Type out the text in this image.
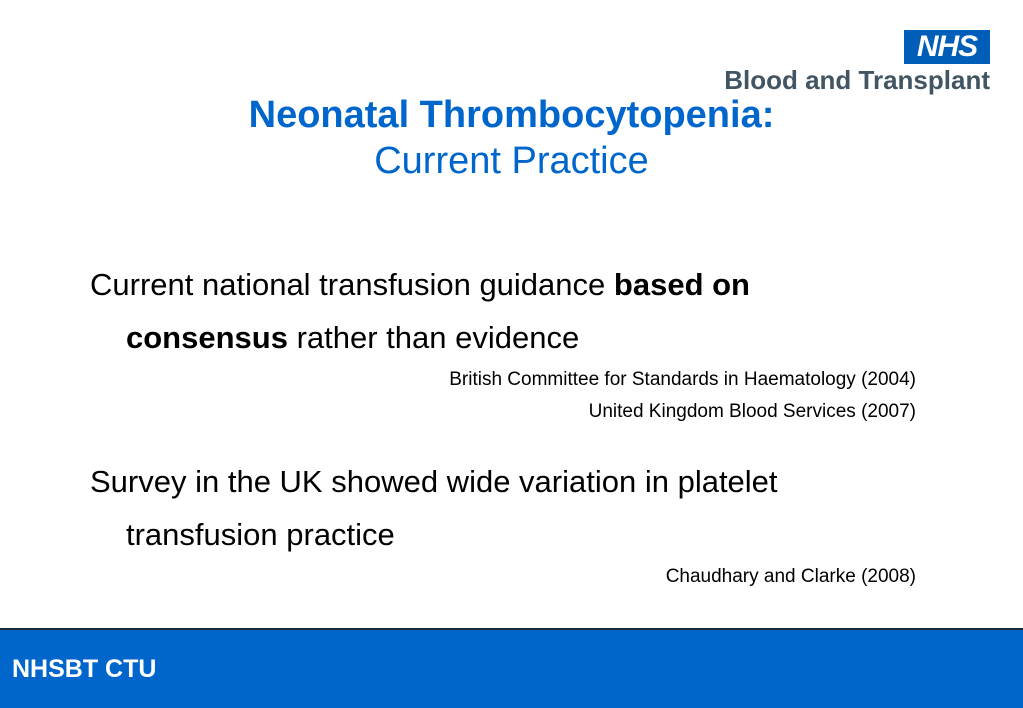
NHS
Blood and Transplant
Neonatal Thrombocytopenia:
Current Practice
Current national transfusion guidance based on
consensus rather than evidence
British Committee for Standards in Haematology (2004)
United Kingdom Blood Services (2007)
Survey in the UK showed wide variation in platelet
transfusion practice
Chaudhary and Clarke (2008)
NHSBT CTU
